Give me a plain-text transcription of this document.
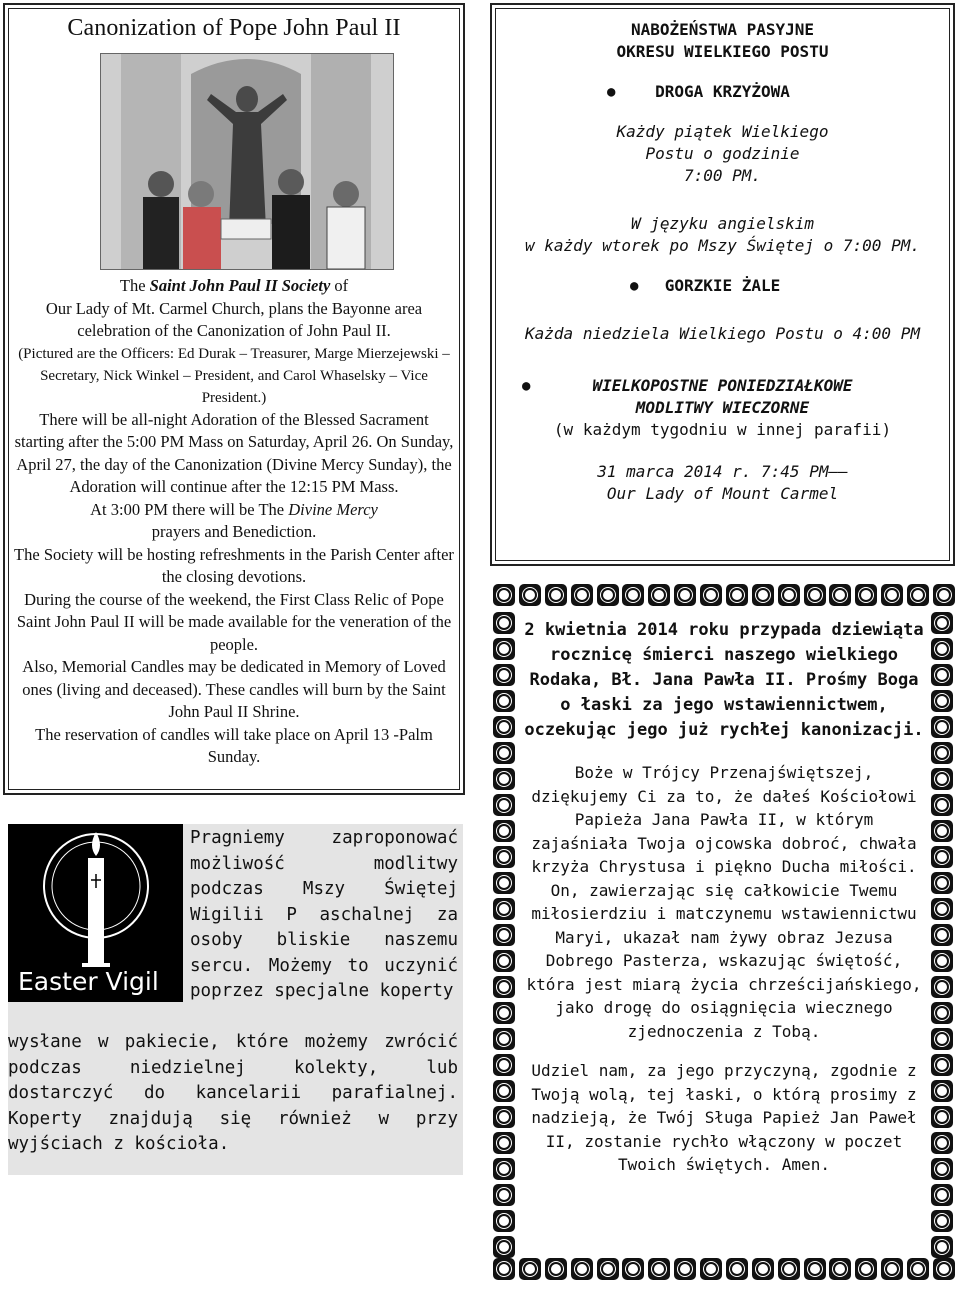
Canonization of Pope John Paul II

The Saint John Paul II Society of

Our Lady of Mt. Carmel Church, plans the Bayonne area celebration of the Canonization of John Paul II.

(Pictured are the Officers: Ed Durak – Treasurer, Marge Mierzejewski – Secretary, Nick Winkel – President, and Carol Whaselsky – Vice President.)

There will be all-night Adoration of the Blessed Sacrament starting after the 5:00 PM Mass on Saturday, April 26. On Sunday, April 27, the day of the Canonization (Divine Mercy Sunday), the Adoration will continue after the 12:15 PM Mass.

At 3:00 PM there will be The Divine Mercy
prayers and Benediction.

The Society will be hosting refreshments in the Parish Center after the closing devotions.

During the course of the weekend, the First Class Relic of Pope Saint John Paul II will be made available for the veneration of the people.

Also, Memorial Candles may be dedicated in Memory of Loved ones (living and deceased). These candles will burn by the Saint John Paul II Shrine.

The reservation of candles will take place on April 13 -Palm Sunday.

NABOŻEŃSTWA PASYJNE
OKRESU WIELKIEGO POSTU
● DROGA KRZYŻOWA
Każdy piątek Wielkiego
Postu o godzinie
7:00 PM.
W języku angielskim
w każdy wtorek po Mszy Świętej o 7:00 PM.
● GORZKIE ŻALE
Każda niedziela Wielkiego Postu o 4:00 PM
●	WIELKOPOSTNE PONIEDZIAŁKOWE
MODLITWY WIECZORNE
(w każdym tygodniu w innej parafii)
31 marca 2014 r. 7:45 PM——
Our Lady of Mount Carmel
Easter Vigil
Pragniemy zaproponować możliwość modlitwy podczas Mszy Świętej Wigilii P aschalnej za osoby bliskie naszemu sercu. Możemy to uczynić poprzez specjalne koperty
wysłane w pakiecie, które możemy zwrócić podczas niedzielnej kolekty, lub dostarczyć do kancelarii parafialnej. Koperty znajdują się również w przy wyjściach z kościoła.
2 kwietnia 2014 roku przypada dziewiąta rocznicę śmierci naszego wielkiego Rodaka, Bł. Jana Pawła II. Prośmy Boga o łaski za jego wstawiennictwem, oczekując jego już rychłej kanonizacji.

Boże w Trójcy Przenajświętszej, dziękujemy Ci za to, że dałeś Kościołowi Papieża Jana Pawła II, w którym zajaśniała Twoja ojcowska dobroć, chwała krzyża Chrystusa i piękno Ducha miłości. On, zawierzając się całkowicie Twemu miłosierdziu i matczynemu wstawiennictwu Maryi, ukazał nam żywy obraz Jezusa Dobrego Pasterza, wskazując świętość, która jest miarą życia chrześcijańskiego, jako drogę do osiągnięcia wiecznego zjednoczenia z Tobą.

Udziel nam, za jego przyczyną, zgodnie z Twoją wolą, tej łaski, o którą prosimy z nadzieją, że Twój Sługa Papież Jan Paweł II, zostanie rychło włączony w poczet Twoich świętych. Amen.
